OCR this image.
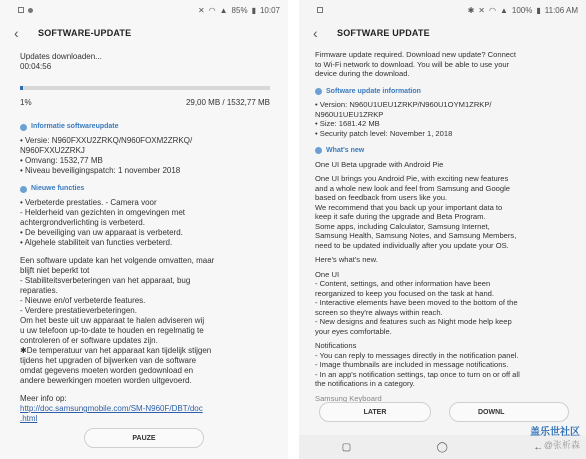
✕ ◠ ▲ 85% ▮ 10:07
‹	SOFTWARE-UPDATE
Updates downloaden...
00:04:56
1%	29,00 MB / 1532,77 MB
Informatie softwareupdate
• Versie: N960FXXU2ZRKQ/N960FOXM2ZRKQ/
N960FXXU2ZRKJ
• Omvang: 1532,77 MB
• Niveau beveiligingspatch: 1 november 2018
Nieuwe functies
• Verbeterde prestaties. - Camera voor
- Helderheid van gezichten in omgevingen met
achtergrondverlichting is verbeterd.
• De beveiliging van uw apparaat is verbeterd.
• Algehele stabiliteit van functies verbeterd.
Een software update kan het volgende omvatten, maar
blijft niet beperkt tot
- Stabiliteitsverbeteringen van het apparaat, bug
reparaties.
- Nieuwe en/of verbeterde features.
- Verdere prestatieverbeteringen.
Om het beste uit uw apparaat te halen adviseren wij
u uw telefoon up-to-date te houden en regelmatig te
controleren of er software updates zijn.
✱De temperatuur van het apparaat kan tijdelijk stijgen
tijdens het upgraden of bijwerken van de software
omdat gegevens moeten worden gedownload en
andere bewerkingen moeten worden uitgevoerd.
Meer info op:
http://doc.samsungmobile.com/SM-N960F/DBT/doc
.html
PAUZE
✱ ✕ ◠ ▲ 100% ▮ 11:06 AM
‹	SOFTWARE UPDATE
Firmware update required. Download new update? Connect
to Wi-Fi network to download. You will be able to use your
device during the download.
Software update information
• Version: N960U1UEU1ZRKP/N960U1OYM1ZRKP/
N960U1UEU1ZRKP
• Size: 1681.42 MB
• Security patch level: November 1, 2018
What's new
One UI Beta upgrade with Android Pie
One UI brings you Android Pie, with exciting new features
and a whole new look and feel from Samsung and Google
based on feedback from users like you.
We recommend that you back up your important data to
keep it safe during the upgrade and Beta Program.
Some apps, including Calculator, Samsung Internet,
Samsung Health, Samsung Notes, and Samsung Members,
need to be updated individually after you update your OS.
Here's what's new.
One UI
- Content, settings, and other information have been
reorganized to keep you focused on the task at hand.
- Interactive elements have been moved to the bottom of the
screen so they're always within reach.
- New designs and features such as Night mode help keep
your eyes comfortable.
Notifications
- You can reply to messages directly in the notification panel.
- Image thumbnails are included in message notifications.
- In an app's notification settings, tap once to turn on or off all
the notifications in a category.
Samsung Keyboard
LATER	DOWNL
▢	◯	←
盖乐世社区
@张析森
